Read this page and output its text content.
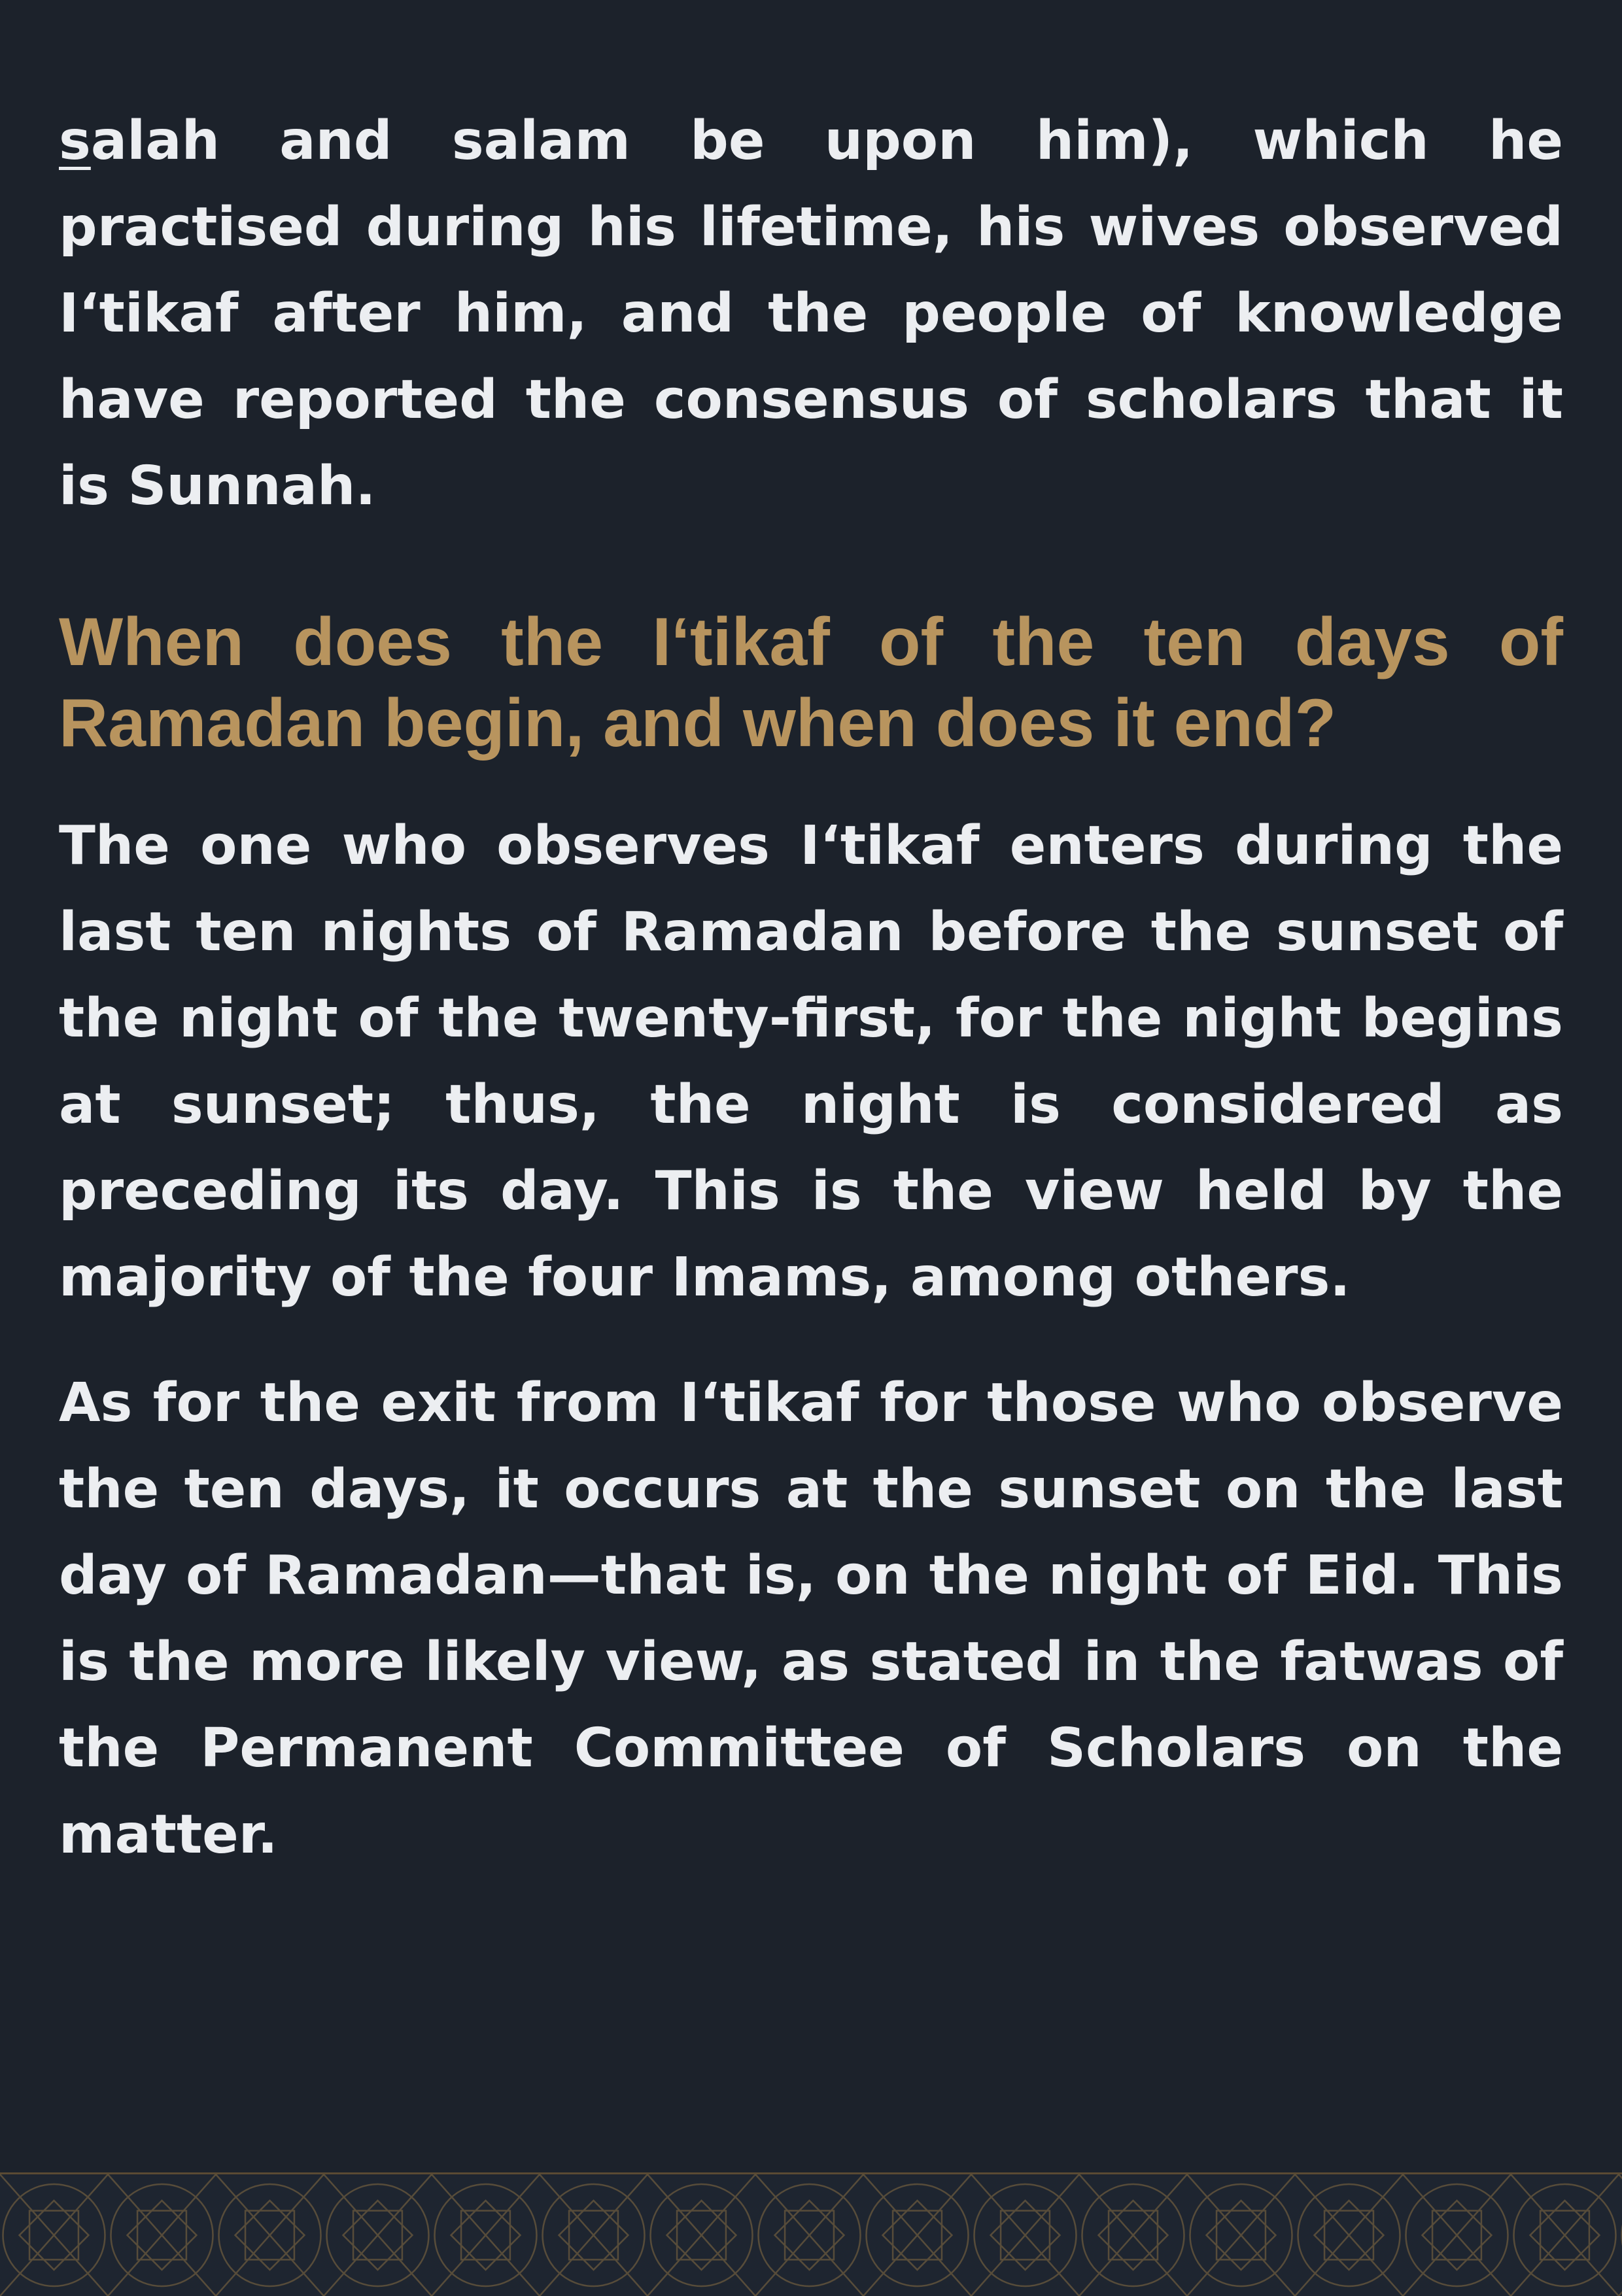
salah and salam be upon him), which he practised during his lifetime, his wives observed I‘tikaf after him, and the people of knowledge have reported the consensus of scholars that it is Sunnah.

When does the I‘tikaf of the ten days of Ramadan begin, and when does it end?

The one who observes I‘tikaf enters during the last ten nights of Ramadan before the sunset of the night of the twenty-first, for the night begins at sunset; thus, the night is considered as preceding its day. This is the view held by the majority of the four Imams, among others.

As for the exit from I‘tikaf for those who observe the ten days, it occurs at the sunset on the last day of Ramadan—that is, on the night of Eid. This is the more likely view, as stated in the fatwas of the Permanent Committee of Scholars on the matter.
